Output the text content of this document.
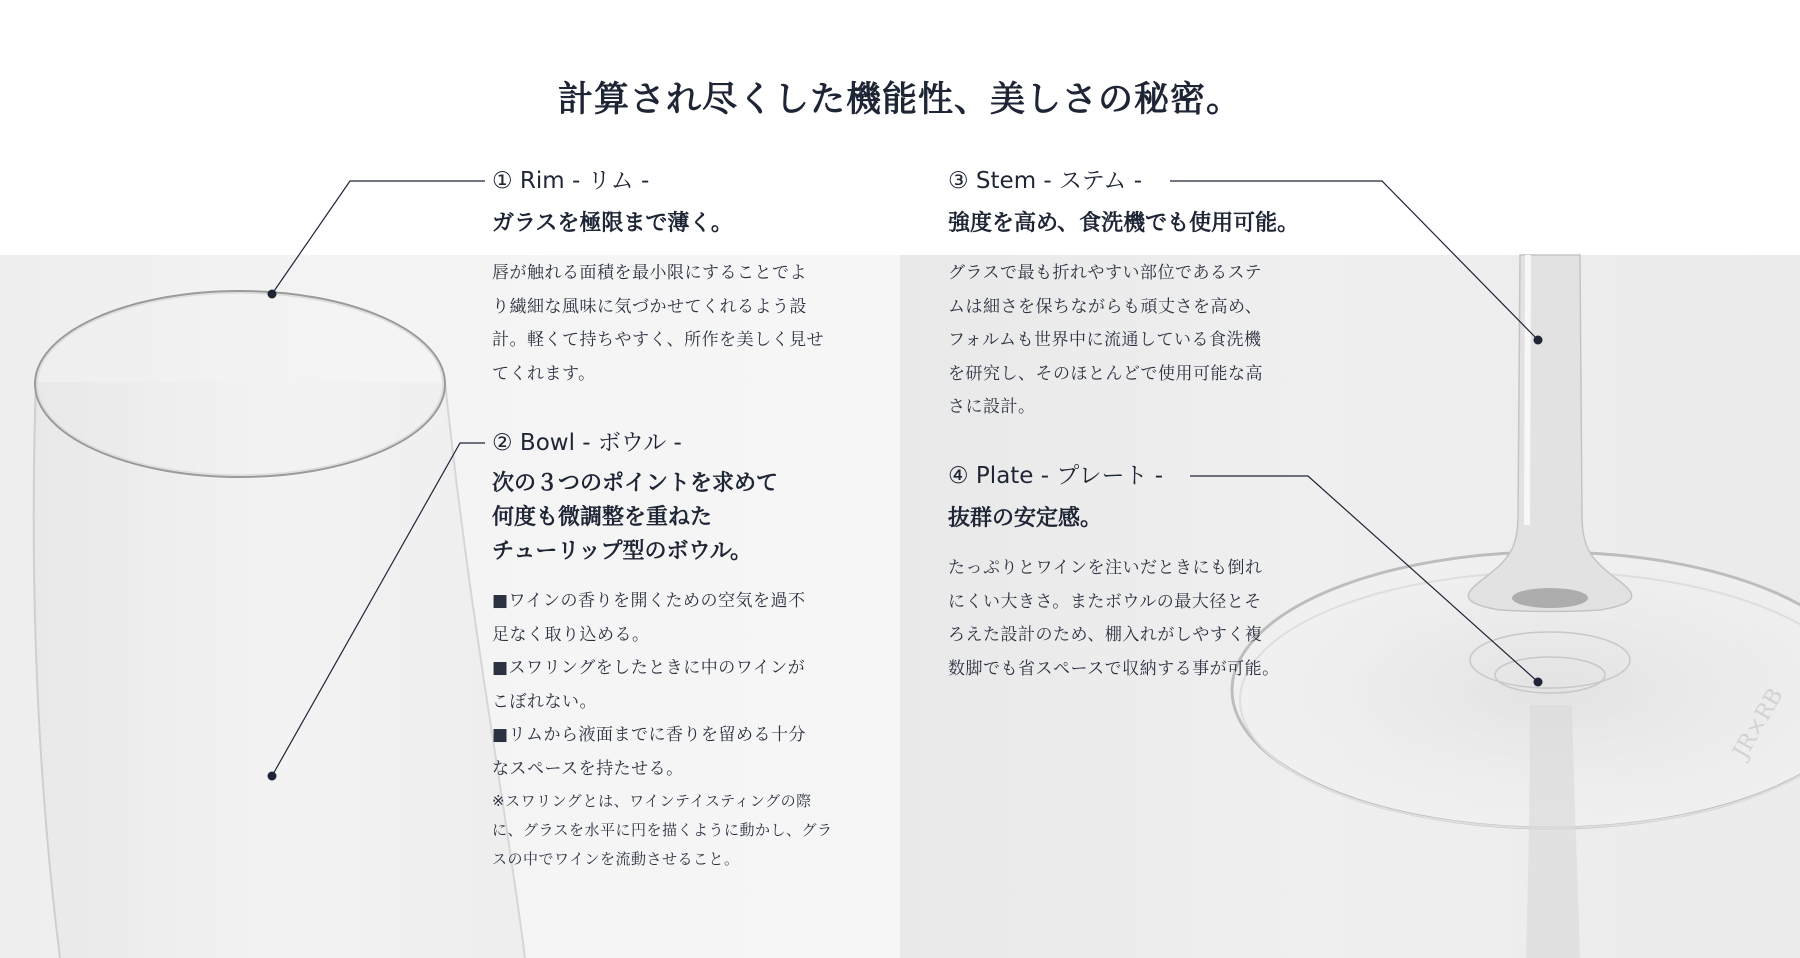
JR×RB
計算され尽くした機能性、美しさの秘密。
① Rim - リム -
ガラスを極限まで薄く。
唇が触れる面積を最小限にすることでよ
り繊細な風味に気づかせてくれるよう設
計。軽くて持ちやすく、所作を美しく見せ
てくれます。
② Bowl - ボウル -
次の３つのポイントを求めて
何度も微調整を重ねた
チューリップ型のボウル。
■ワインの香りを開くための空気を過不
足なく取り込める。
■スワリングをしたときに中のワインが
こぼれない。
■リムから液面までに香りを留める十分
なスペースを持たせる。
※スワリングとは、ワインテイスティングの際
に、グラスを水平に円を描くように動かし、グラ
スの中でワインを流動させること。
③ Stem - ステム -
強度を高め、食洗機でも使用可能。
グラスで最も折れやすい部位であるステ
ムは細さを保ちながらも頑丈さを高め、
フォルムも世界中に流通している食洗機
を研究し、そのほとんどで使用可能な高
さに設計。
④ Plate - プレート -
抜群の安定感。
たっぷりとワインを注いだときにも倒れ
にくい大きさ。またボウルの最大径とそ
ろえた設計のため、棚入れがしやすく複
数脚でも省スペースで収納する事が可能。
